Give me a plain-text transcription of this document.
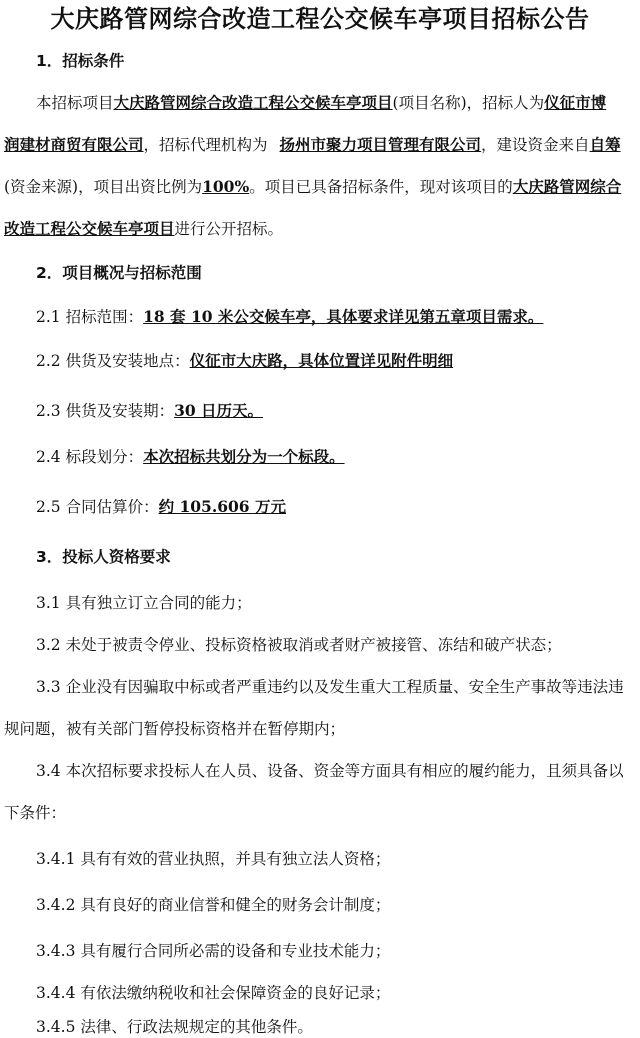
大庆路管网综合改造工程公交候车亭项目招标公告
1．招标条件
本招标项目大庆路管网综合改造工程公交候车亭项目(项目名称)，招标人为仪征市博
润建材商贸有限公司，招标代理机构为 扬州市聚力项目管理有限公司，建设资金来自自筹
(资金来源)，项目出资比例为100%。项目已具备招标条件，现对该项目的大庆路管网综合
改造工程公交候车亭项目进行公开招标。
2．项目概况与招标范围
2.1 招标范围：18 套 10 米公交候车亭，具体要求详见第五章项目需求。
2.2 供货及安装地点：仪征市大庆路，具体位置详见附件明细
2.3 供货及安装期：30 日历天。
2.4 标段划分：本次招标共划分为一个标段。
2.5 合同估算价：约 105.606 万元
3．投标人资格要求
3.1 具有独立订立合同的能力；
3.2 未处于被责令停业、投标资格被取消或者财产被接管、冻结和破产状态；
3.3 企业没有因骗取中标或者严重违约以及发生重大工程质量、安全生产事故等违法违
规问题，被有关部门暂停投标资格并在暂停期内；
3.4 本次招标要求投标人在人员、设备、资金等方面具有相应的履约能力，且须具备以
下条件：
3.4.1 具有有效的营业执照，并具有独立法人资格；
3.4.2 具有良好的商业信誉和健全的财务会计制度；
3.4.3 具有履行合同所必需的设备和专业技术能力；
3.4.4 有依法缴纳税收和社会保障资金的良好记录；
3.4.5 法律、行政法规规定的其他条件。
